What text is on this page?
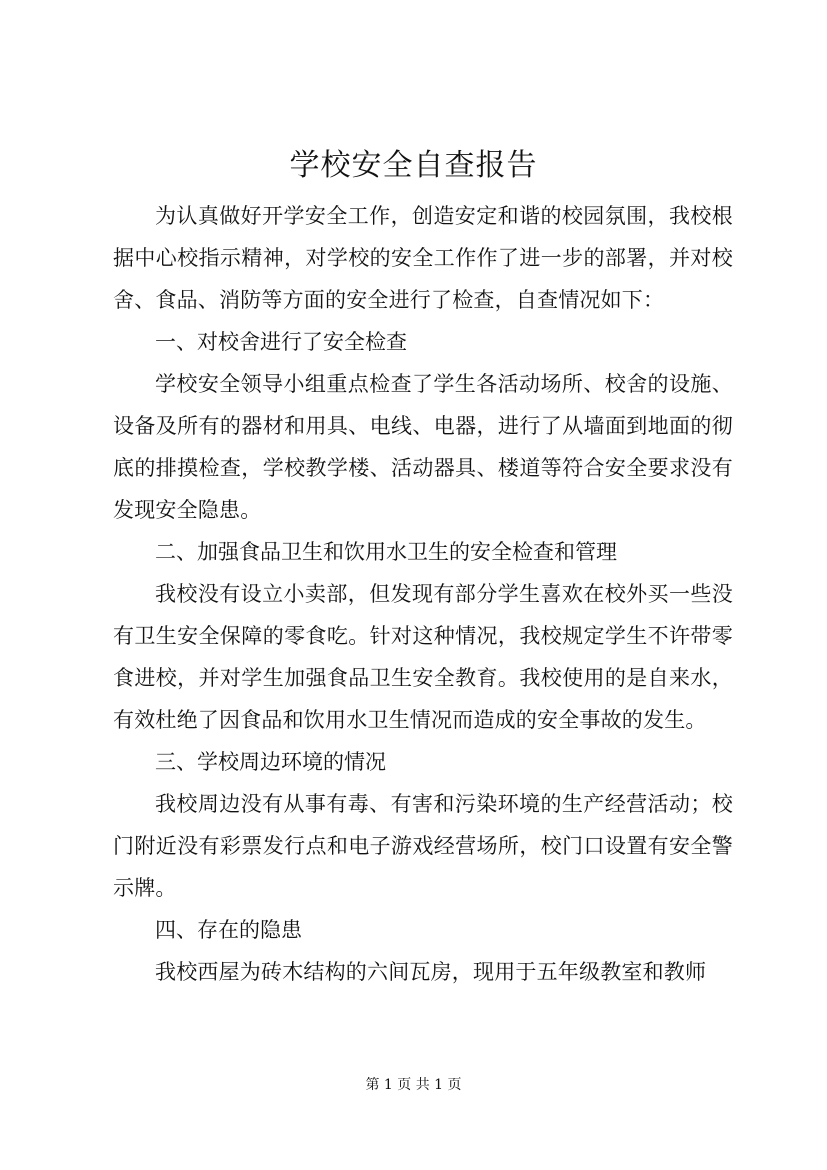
学校安全自查报告

为认真做好开学安全工作，创造安定和谐的校园氛围，我校根据中心校指示精神，对学校的安全工作作了进一步的部署，并对校舍、食品、消防等方面的安全进行了检查，自查情况如下：

一、对校舍进行了安全检查

学校安全领导小组重点检查了学生各活动场所、校舍的设施、设备及所有的器材和用具、电线、电器，进行了从墙面到地面的彻底的排摸检查，学校教学楼、活动器具、楼道等符合安全要求没有发现安全隐患。

二、加强食品卫生和饮用水卫生的安全检查和管理

我校没有设立小卖部，但发现有部分学生喜欢在校外买一些没有卫生安全保障的零食吃。针对这种情况，我校规定学生不许带零食进校，并对学生加强食品卫生安全教育。我校使用的是自来水，有效杜绝了因食品和饮用水卫生情况而造成的安全事故的发生。

三、学校周边环境的情况

我校周边没有从事有毒、有害和污染环境的生产经营活动；校门附近没有彩票发行点和电子游戏经营场所，校门口设置有安全警示牌。

四、存在的隐患

我校西屋为砖木结构的六间瓦房，现用于五年级教室和教师

第 1 页 共 1 页
